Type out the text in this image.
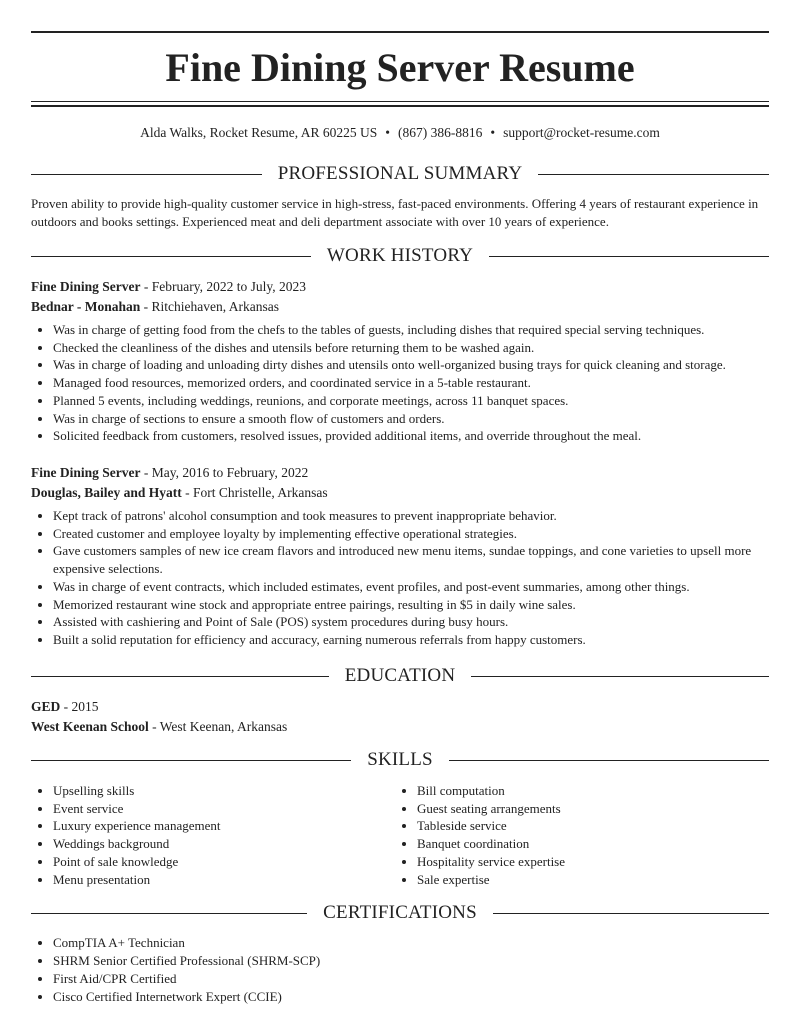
Fine Dining Server Resume
Alda Walks, Rocket Resume, AR 60225 US • (867) 386-8816 • support@rocket-resume.com
PROFESSIONAL SUMMARY

Proven ability to provide high-quality customer service in high-stress, fast-paced environments. Offering 4 years of restaurant experience in outdoors and books settings. Experienced meat and deli department associate with over 10 years of experience.

WORK HISTORY
Fine Dining Server - February, 2022 to July, 2023
Bednar - Monahan - Ritchiehaven, Arkansas
• Was in charge of getting food from the chefs to the tables of guests, including dishes that required special serving techniques.
• Checked the cleanliness of the dishes and utensils before returning them to be washed again.
• Was in charge of loading and unloading dirty dishes and utensils onto well-organized busing trays for quick cleaning and storage.
• Managed food resources, memorized orders, and coordinated service in a 5-table restaurant.
• Planned 5 events, including weddings, reunions, and corporate meetings, across 11 banquet spaces.
• Was in charge of sections to ensure a smooth flow of customers and orders.
• Solicited feedback from customers, resolved issues, provided additional items, and override throughout the meal.
Fine Dining Server - May, 2016 to February, 2022
Douglas, Bailey and Hyatt - Fort Christelle, Arkansas
• Kept track of patrons' alcohol consumption and took measures to prevent inappropriate behavior.
• Created customer and employee loyalty by implementing effective operational strategies.
• Gave customers samples of new ice cream flavors and introduced new menu items, sundae toppings, and cone varieties to upsell more expensive selections.
• Was in charge of event contracts, which included estimates, event profiles, and post-event summaries, among other things.
• Memorized restaurant wine stock and appropriate entree pairings, resulting in $5 in daily wine sales.
• Assisted with cashiering and Point of Sale (POS) system procedures during busy hours.
• Built a solid reputation for efficiency and accuracy, earning numerous referrals from happy customers.
EDUCATION
GED - 2015
West Keenan School - West Keenan, Arkansas
SKILLS
• Upselling skills
• Event service
• Luxury experience management
• Weddings background
• Point of sale knowledge
• Menu presentation
• Bill computation
• Guest seating arrangements
• Tableside service
• Banquet coordination
• Hospitality service expertise
• Sale expertise
CERTIFICATIONS
• CompTIA A+ Technician
• SHRM Senior Certified Professional (SHRM-SCP)
• First Aid/CPR Certified
• Cisco Certified Internetwork Expert (CCIE)
